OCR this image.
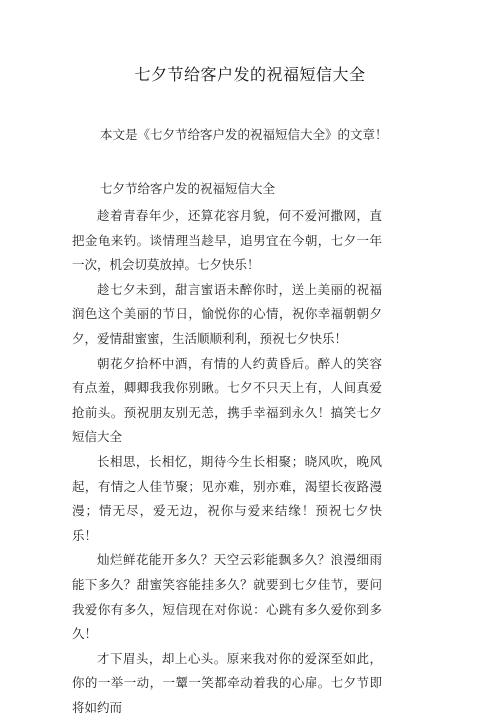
七夕节给客户发的祝福短信大全
本文是《七夕节给客户发的祝福短信大全》的文章！
七夕节给客户发的祝福短信大全

趁着青春年少，还算花容月貌，何不爱河撒网，直把金龟来钓。谈情理当趁早，追男宜在今朝，七夕一年一次，机会切莫放掉。七夕快乐！

趁七夕未到，甜言蜜语未醉你时，送上美丽的祝福润色这个美丽的节日，愉悦你的心情，祝你幸福朝朝夕夕，爱情甜蜜蜜，生活顺顺利利，预祝七夕快乐！

朝花夕拾杯中酒，有情的人约黄昏后。醉人的笑容有点羞，卿卿我我你别瞅。七夕不只天上有，人间真爱抢前头。预祝朋友别无恙，携手幸福到永久！搞笑七夕短信大全

长相思，长相忆，期待今生长相聚；晓风吹，晚风起，有情之人佳节聚；见亦难，别亦难，渴望长夜路漫漫；情无尽，爱无边，祝你与爱来结缘！预祝七夕快乐！

灿烂鲜花能开多久？天空云彩能飘多久？浪漫细雨能下多久？甜蜜笑容能挂多久？就要到七夕佳节，要问我爱你有多久，短信现在对你说：心跳有多久爱你到多久！

才下眉头，却上心头。原来我对你的爱深至如此，你的一举一动，一颦一笑都牵动着我的心扉。七夕节即将如约而
